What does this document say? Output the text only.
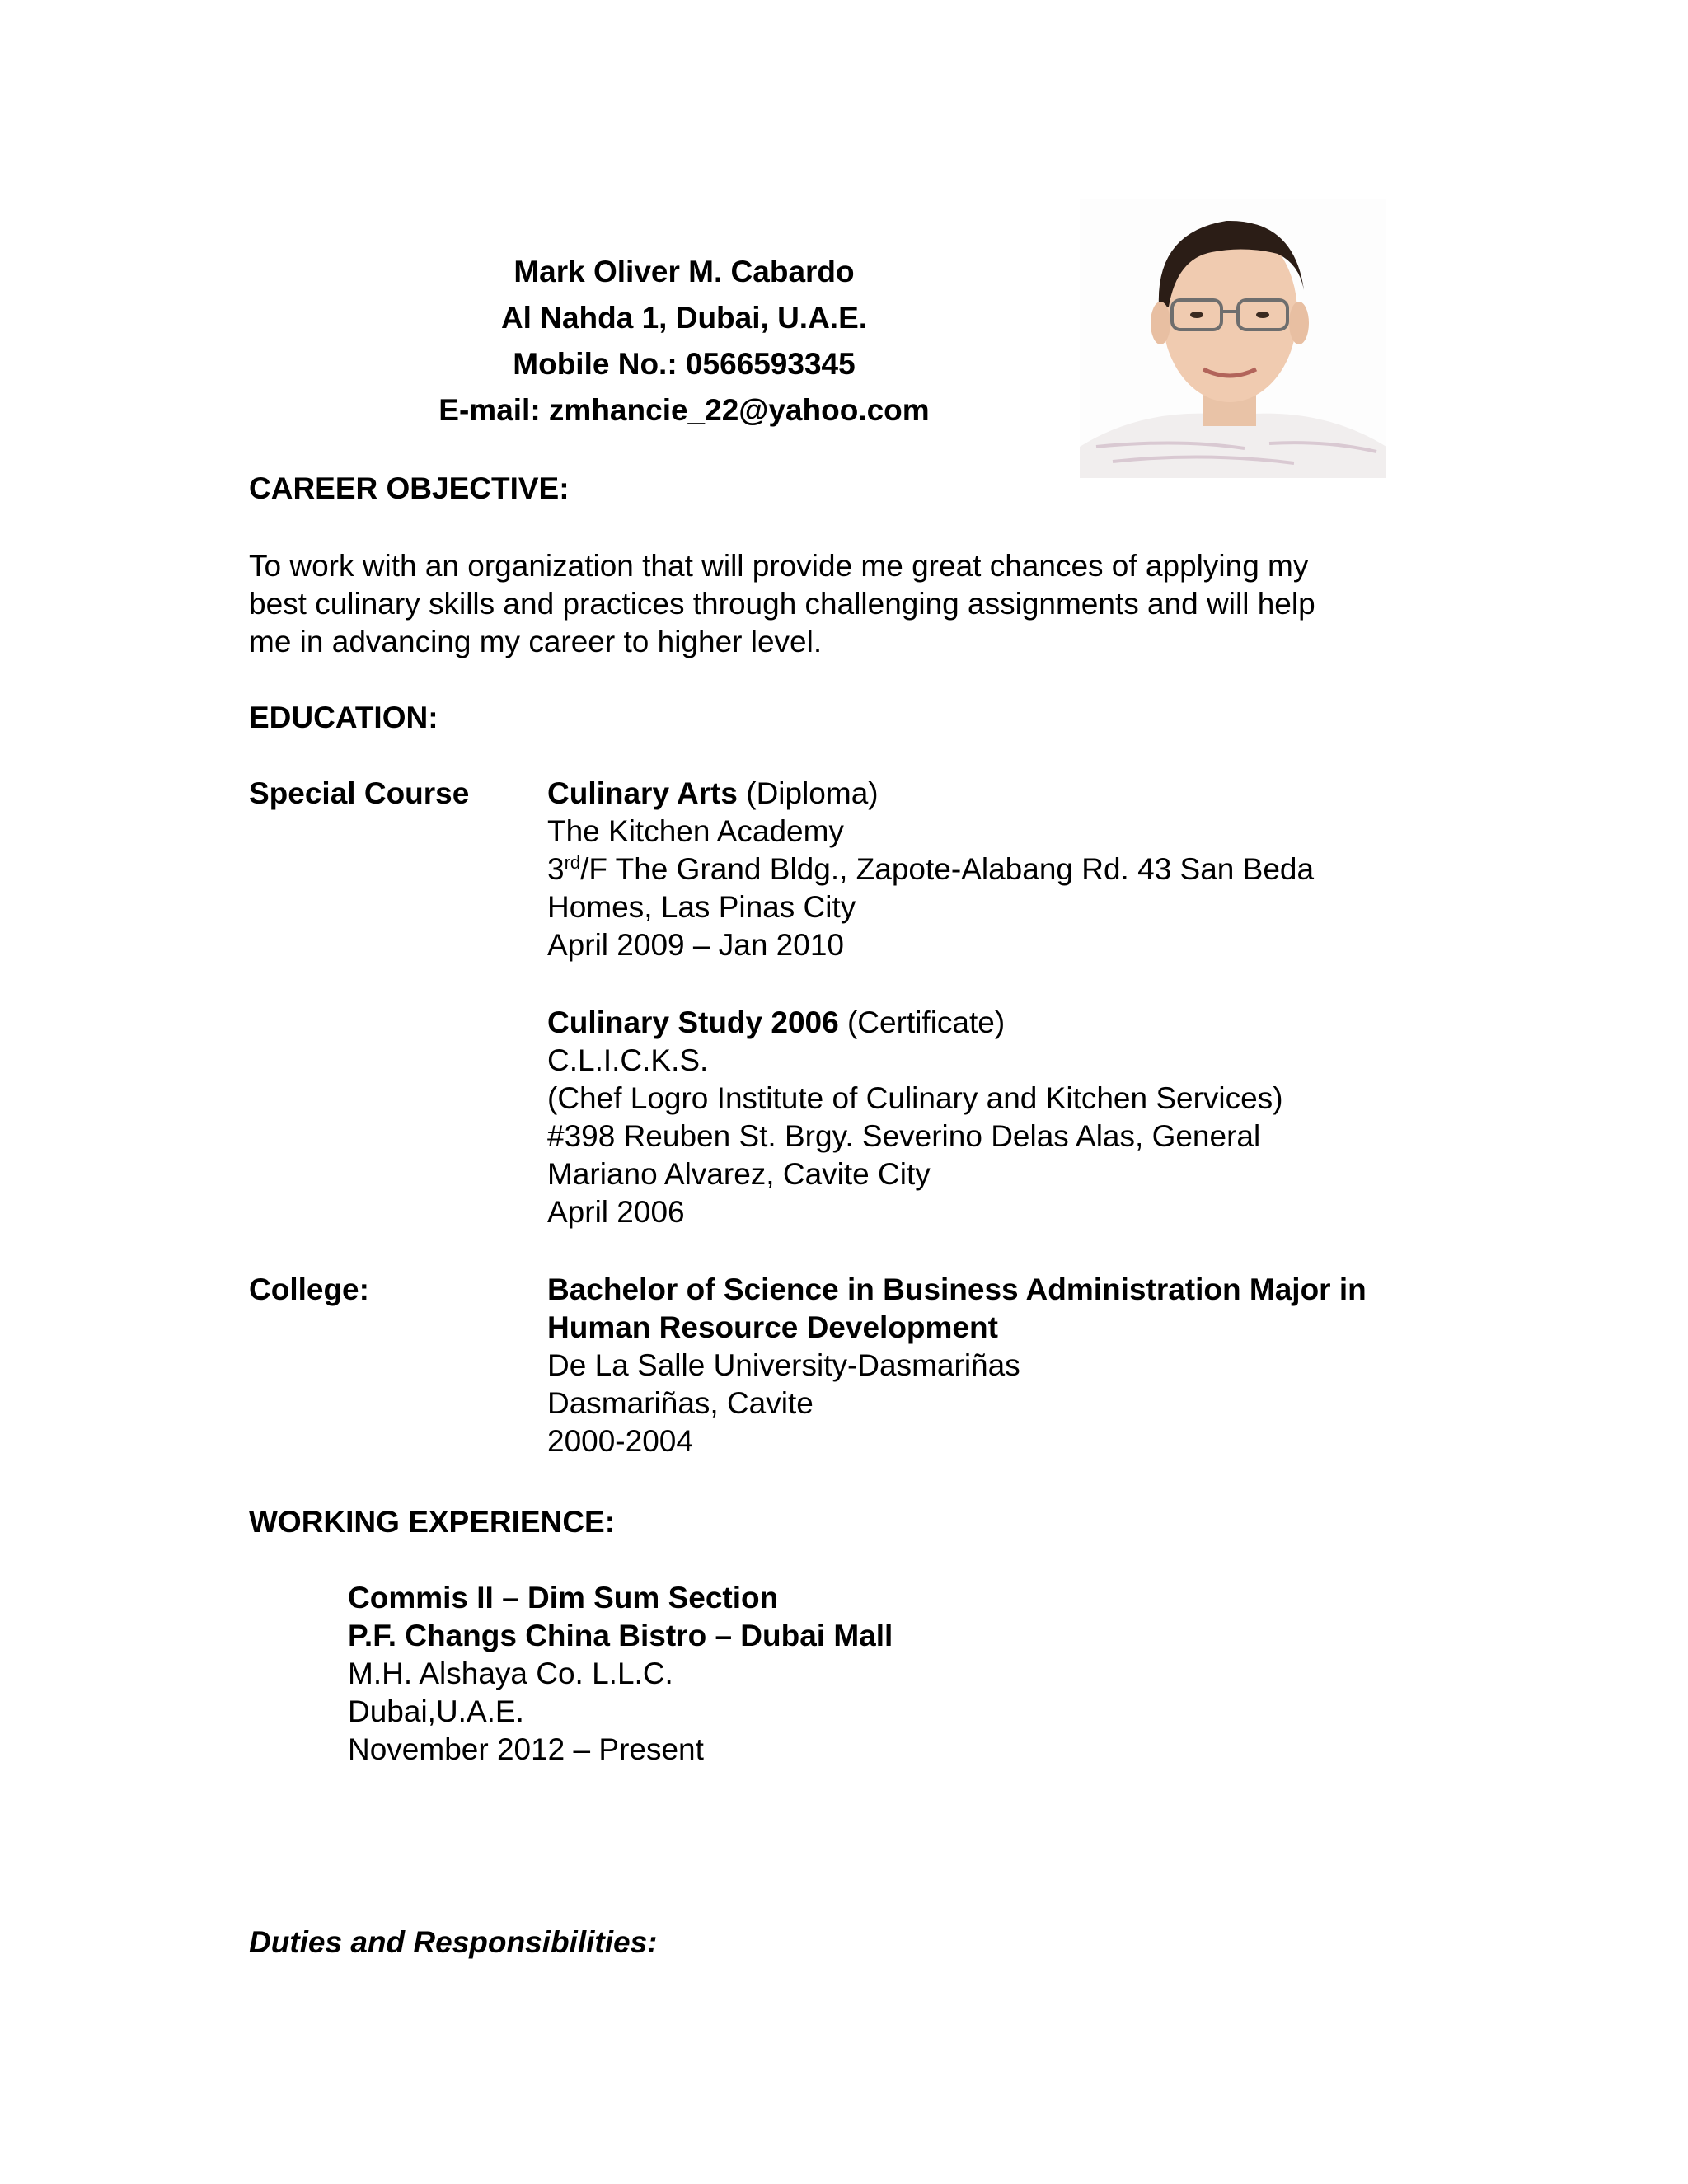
Mark Oliver M. Cabardo
Al Nahda 1, Dubai, U.A.E.
Mobile No.: 0566593345
E-mail: zmhancie_22@yahoo.com
CAREER OBJECTIVE:
To work with an organization that will provide me great chances of applying my
best culinary skills and practices through challenging assignments and will help
me in advancing my career to higher level.
EDUCATION:
Special Course	Culinary Arts (Diploma)
The Kitchen Academy
3rd/F The Grand Bldg., Zapote-Alabang Rd. 43 San Beda
Homes, Las Pinas City
April 2009 – Jan 2010
Culinary Study 2006 (Certificate)
C.L.I.C.K.S.
(Chef Logro Institute of Culinary and Kitchen Services)
#398 Reuben St. Brgy. Severino Delas Alas, General
Mariano Alvarez, Cavite City
April 2006
College:	Bachelor of Science in Business Administration Major in
Human Resource Development
De La Salle University-Dasmariñas
Dasmariñas, Cavite
2000-2004
WORKING EXPERIENCE:
Commis II – Dim Sum Section
P.F. Changs China Bistro – Dubai Mall
M.H. Alshaya Co. L.L.C.
Dubai,U.A.E.
November 2012 – Present
Duties and Responsibilities:
